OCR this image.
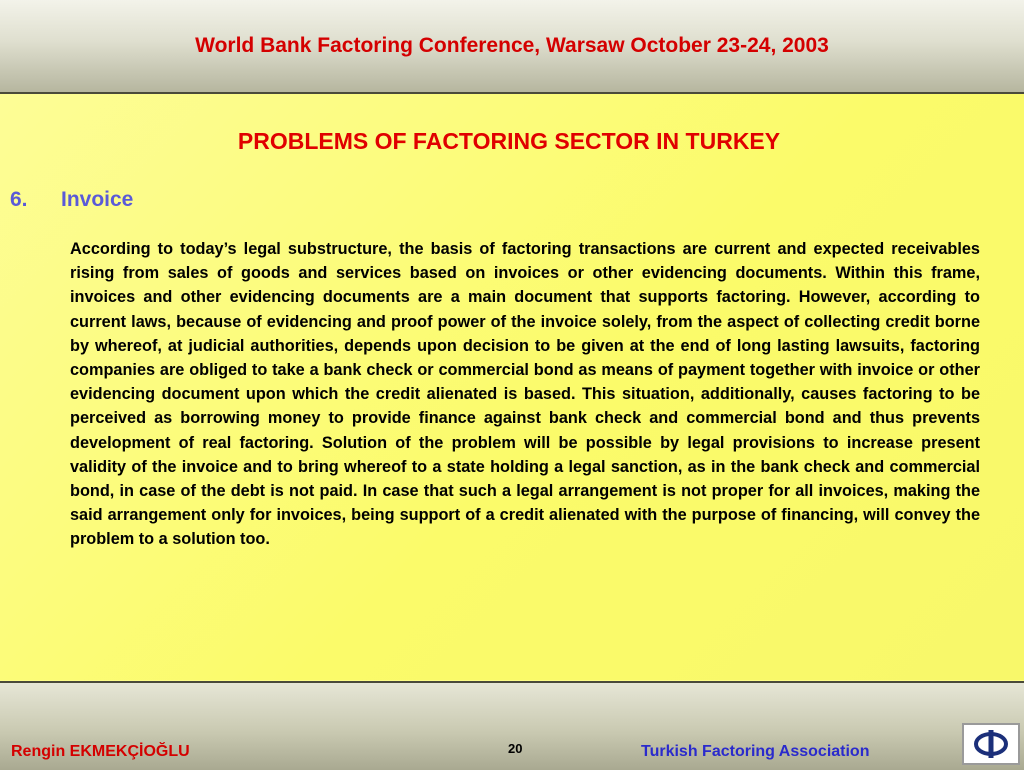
World Bank Factoring Conference, Warsaw October 23-24, 2003
PROBLEMS OF FACTORING SECTOR IN TURKEY
6. Invoice
According to today’s legal substructure, the basis of factoring transactions are current and expected receivables rising from sales of goods and services based on invoices or other evidencing documents. Within this frame, invoices and other evidencing documents are a main document that supports factoring. However, according to current laws, because of evidencing and proof power of the invoice solely, from the aspect of collecting credit borne by whereof, at judicial authorities, depends upon decision to be given at the end of long lasting lawsuits, factoring companies are obliged to take a bank check or commercial bond as means of payment together with invoice or other evidencing document upon which the credit alienated is based. This situation, additionally, causes factoring to be perceived as borrowing money to provide finance against bank check and commercial bond and thus prevents development of real factoring. Solution of the problem will be possible by legal provisions to increase present validity of the invoice and to bring whereof to a state holding a legal sanction, as in the bank check and commercial bond, in case of the debt is not paid. In case that such a legal arrangement is not proper for all invoices, making the said arrangement only for invoices, being support of a credit alienated with the purpose of financing, will convey the problem to a solution too.
Rengin EKMEKÇİOĞLU	20	Turkish Factoring Association
